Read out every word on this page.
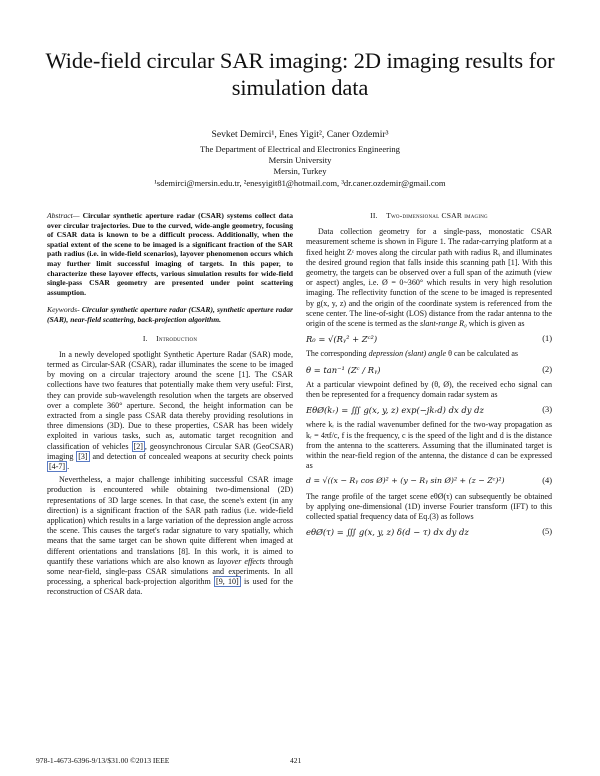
Wide-field circular SAR imaging: 2D imaging results for simulation data
Sevket Demirci¹, Enes Yigit², Caner Ozdemir³
The Department of Electrical and Electronics Engineering
Mersin University
Mersin, Turkey
¹sdemirci@mersin.edu.tr, ²enesyigit81@hotmail.com, ³dr.caner.ozdemir@gmail.com
Abstract— Circular synthetic aperture radar (CSAR) systems collect data over circular trajectories. Due to the curved, wide-angle geometry, focusing of CSAR data is known to be a difficult process. Additionally, when the spatial extent of the scene to be imaged is a significant fraction of the SAR path radius (i.e. in wide-field scenarios), layover phenomenon occurs which may further limit successful imaging of targets. In this paper, to characterize these layover effects, various simulation results for wide-field single-pass CSAR geometry are presented under point scattering assumption.
Keywords- Circular synthetic aperture radar (CSAR), synthetic aperture radar (SAR), near-field scattering, back-projection algorithm.
I. Introduction

In a newly developed spotlight Synthetic Aperture Radar (SAR) mode, termed as Circular-SAR (CSAR), radar illuminates the scene to be imaged by moving on a circular trajectory around the scene [1]. The CSAR collections have two features that potentially make them very useful: First, they can provide sub-wavelength resolution when the targets are observed over a complete 360° aperture. Second, the height information can be extracted from a single pass CSAR data thereby providing resolutions in three dimensions (3D). Due to these properties, CSAR has been widely exploited in various tasks, such as, automatic target recognition and classification of vehicles [2] , geosynchronous Circular SAR (GeoCSAR) imaging [3] and detection of concealed weapons at security check points [4-7] .

Nevertheless, a major challenge inhibiting successful CSAR image production is encountered while obtaining two-dimensional (2D) representations of 3D large scenes. In that case, the scene's extent (in any direction) is a significant fraction of the SAR path radius (i.e. wide-field application) which results in a large variation of the depression angle across the scene. This causes the target's radar signature to vary spatially, which means that the same target can be shown quite different when imaged at different orientations and translations [8]. In this work, it is aimed to quantify these variations which are also known as layover effects through some near-field, single-pass CSAR simulations and experiments. In all processing, a spherical back-projection algorithm [9, 10] is used for the reconstruction of CSAR data.

II. Two-dimensional CSAR imaging

Data collection geometry for a single-pass, monostatic CSAR measurement scheme is shown in Figure 1. The radar-carrying platform at a fixed height Zᶜ moves along the circular path with radius Rᵧ and illuminates the desired ground region that falls inside this scanning path [1]. With this geometry, the targets can be observed over a full span of the azimuth (view or aspect) angles, i.e. Ø = 0~360° which results in very high resolution imaging. The reflectivity function of the scene to be imaged is represented by g(x, y, z) and the origin of the coordinate system is referenced from the scene center. The line-of-sight (LOS) distance from the radar antenna to the origin of the scene is termed as the slant-range R₀ which is given as

R₀ = √(Rᵧ² + Zᶜ²)	(1)

The corresponding depression (slant) angle θ can be calculated as

θ = tan⁻¹ (Zᶜ / Rᵧ)	(2)

At a particular viewpoint defined by (θ, Ø), the received echo signal can then be represented for a frequency domain radar system as

EθØ(kᵣ) = ∭ g(x, y, z) exp(−jkᵣd) dx dy dz	(3)

where kᵣ is the radial wavenumber defined for the two-way propagation as kᵣ = 4πf/c, f is the frequency, c is the speed of the light and d is the distance from the antenna to the scatterers. Assuming that the illuminated target is within the near-field region of the antenna, the distance d can be expressed as

d = √((x − Rᵧ cos Ø)² + (y − Rᵧ sin Ø)² + (z − Zᶜ)²)	(4)

The range profile of the target scene eθØ(τ) can subsequently be obtained by applying one-dimensional (1D) inverse Fourier transform (IFT) to this collected spatial frequency data of Eq.(3) as follows

eθØ(τ) = ∭ g(x, y, z) δ(d − τ) dx dy dz	(5)
978-1-4673-6396-9/13/$31.00 ©2013 IEEE	421
